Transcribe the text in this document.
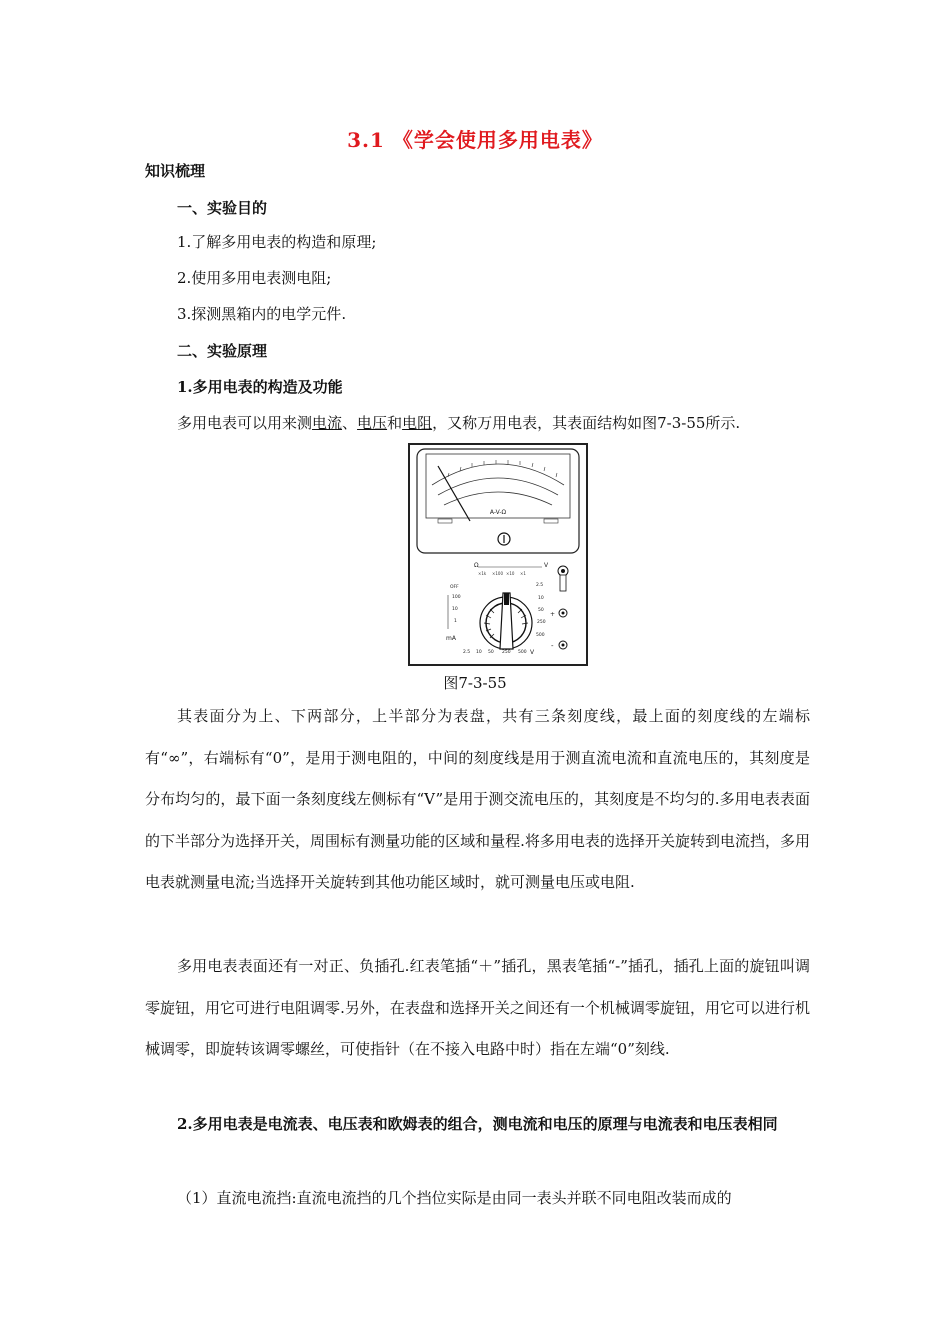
3.1 《学会使用多用电表》
知识梳理
一、实验目的
1.了解多用电表的构造和原理;
2.使用多用电表测电阻;
3.探测黑箱内的电学元件.
二、实验原理
1.多用电表的构造及功能
多用电表可以用来测电流、电压和电阻，又称万用电表，其表面结构如图7-3-55所示.
A-V-Ω
Ω	V
×1k ×100 ×10 ×1
OFF
100
10
1
mA
2.5
10
50
250
500
2.5 10 50 250 500 V
+
-
图7-3-55
其表面分为上、下两部分，上半部分为表盘，共有三条刻度线，最上面的刻度线的左端标有“∞”，右端标有“0”，是用于测电阻的，中间的刻度线是用于测直流电流和直流电压的，其刻度是分布均匀的，最下面一条刻度线左侧标有“V”是用于测交流电压的，其刻度是不均匀的.多用电表表面的下半部分为选择开关，周围标有测量功能的区域和量程.将多用电表的选择开关旋转到电流挡，多用电表就测量电流;当选择开关旋转到其他功能区域时，就可测量电压或电阻.
多用电表表面还有一对正、负插孔.红表笔插“＋”插孔，黑表笔插“-”插孔，插孔上面的旋钮叫调零旋钮，用它可进行电阻调零.另外，在表盘和选择开关之间还有一个机械调零旋钮，用它可以进行机械调零，即旋转该调零螺丝，可使指针（在不接入电路中时）指在左端“0”刻线.
2.多用电表是电流表、电压表和欧姆表的组合，测电流和电压的原理与电流表和电压表相同
（1）直流电流挡:直流电流挡的几个挡位实际是由同一表头并联不同电阻改装而成的
